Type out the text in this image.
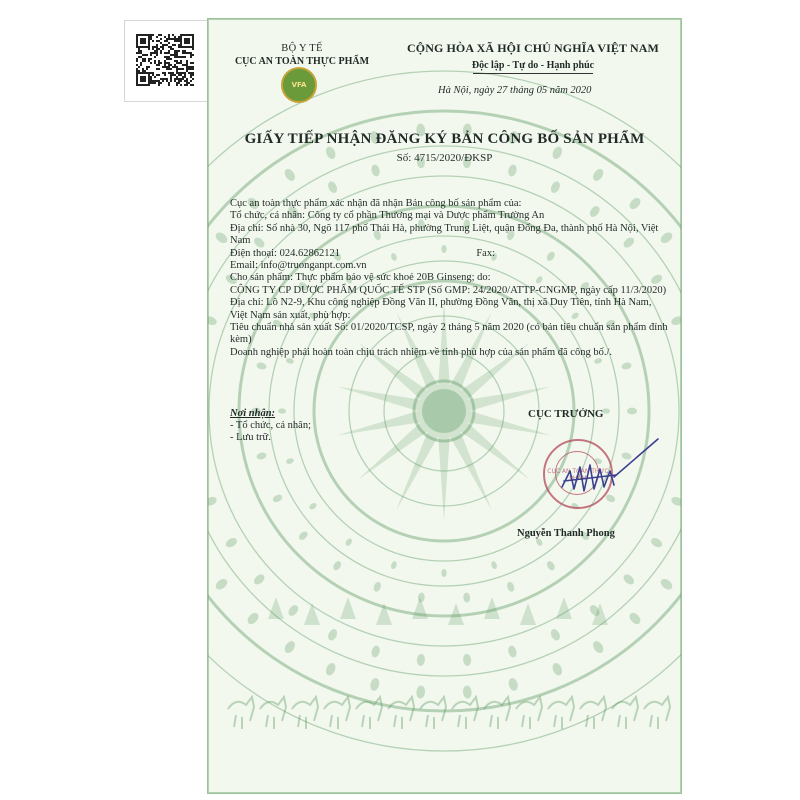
BỘ Y TẾ
CỤC AN TOÀN THỰC PHẨM
VFA
CỘNG HÒA XÃ HỘI CHỦ NGHĨA VIỆT NAM
Độc lập - Tự do - Hạnh phúc
Hà Nội, ngày 27 tháng 05 năm 2020
GIẤY TIẾP NHẬN ĐĂNG KÝ BẢN CÔNG BỐ SẢN PHẨM
Số: 4715/2020/ĐKSP

Cục an toàn thực phẩm xác nhận đã nhận Bản công bố sản phẩm của:

Tổ chức, cá nhân: Công ty cổ phần Thương mại và Dược phẩm Trường An

Địa chỉ: Số nhà 30, Ngõ 117 phố Thái Hà, phường Trung Liệt, quận Đống Đa, thành phố Hà Nội, Việt Nam

Điện thoại: 024.62862121	Fax:

Email: info@truonganpt.com.vn

Cho sản phẩm: Thực phẩm bảo vệ sức khoẻ 20B Ginseng; do:

CÔNG TY CP DƯỢC PHẨM QUỐC TẾ STP (Số GMP: 24/2020/ATTP-CNGMP, ngày cấp 11/3/2020)

Địa chỉ: Lô N2-9, Khu công nghiệp Đồng Văn II, phường Đồng Văn, thị xã Duy Tiên, tỉnh Hà Nam, Việt Nam sản xuất, phù hợp:

Tiêu chuẩn nhà sản xuất Số: 01/2020/TCSP, ngày 2 tháng 5 năm 2020 (có bản tiêu chuẩn sản phẩm đính kèm)

Doanh nghiệp phải hoàn toàn chịu trách nhiệm về tính phù hợp của sản phẩm đã công bố./.

Nơi nhận:
- Tổ chức, cá nhân;
- Lưu trữ.
CỤC TRƯỞNG
CỤC AN TOÀN THỰC PHẨM
Nguyễn Thanh Phong
